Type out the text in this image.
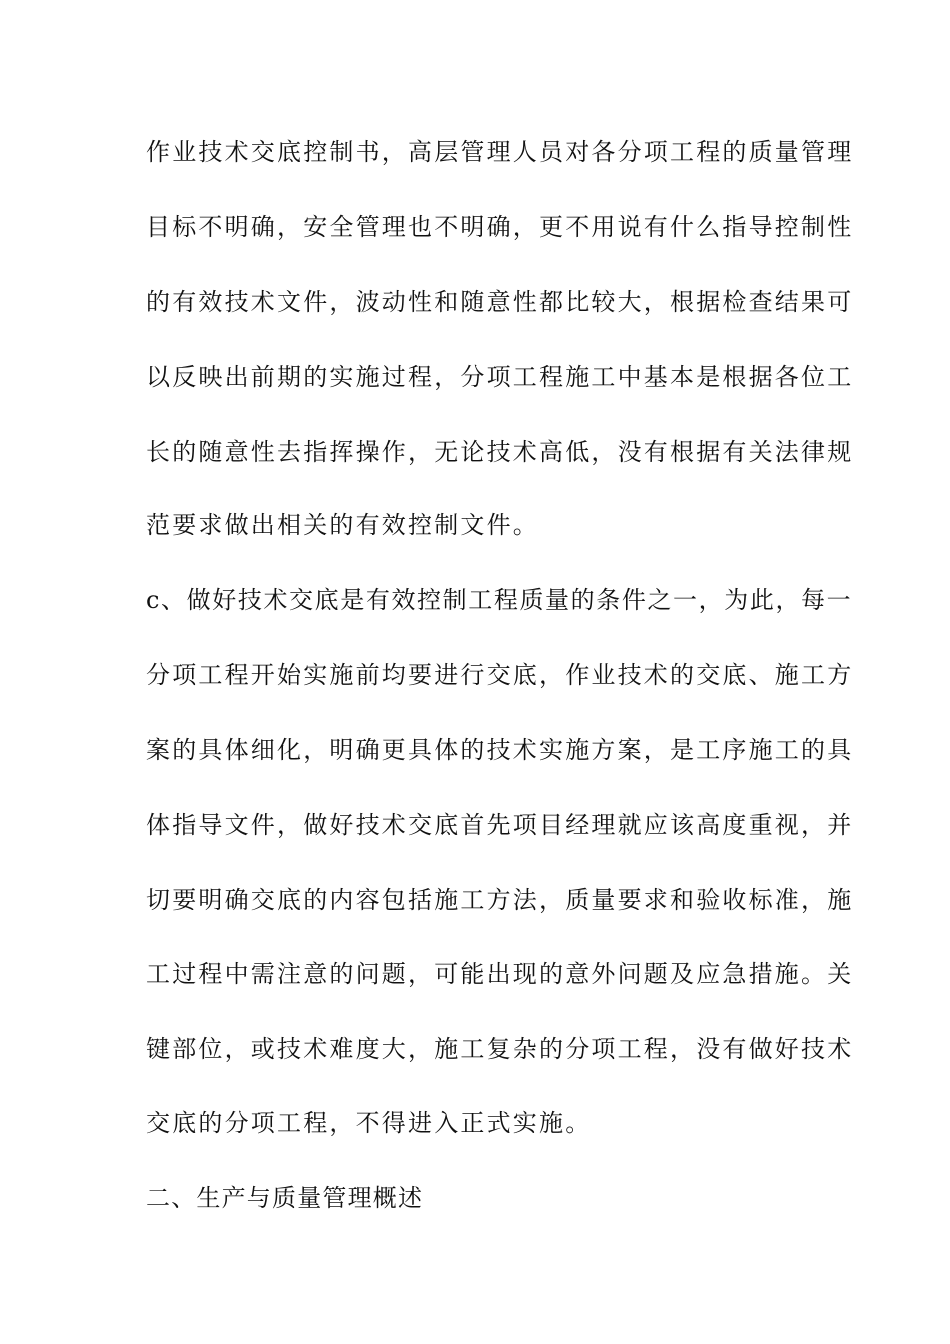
作业技术交底控制书，高层管理人员对各分项工程的质量管理
目标不明确，安全管理也不明确，更不用说有什么指导控制性
的有效技术文件，波动性和随意性都比较大，根据检查结果可
以反映出前期的实施过程，分项工程施工中基本是根据各位工
长的随意性去指挥操作，无论技术高低，没有根据有关法律规
范要求做出相关的有效控制文件。
c、做好技术交底是有效控制工程质量的条件之一，为此，每一
分项工程开始实施前均要进行交底，作业技术的交底、施工方
案的具体细化，明确更具体的技术实施方案，是工序施工的具
体指导文件，做好技术交底首先项目经理就应该高度重视，并
切要明确交底的内容包括施工方法，质量要求和验收标准，施
工过程中需注意的问题，可能出现的意外问题及应急措施。关
键部位，或技术难度大，施工复杂的分项工程，没有做好技术
交底的分项工程，不得进入正式实施。
二、生产与质量管理概述
